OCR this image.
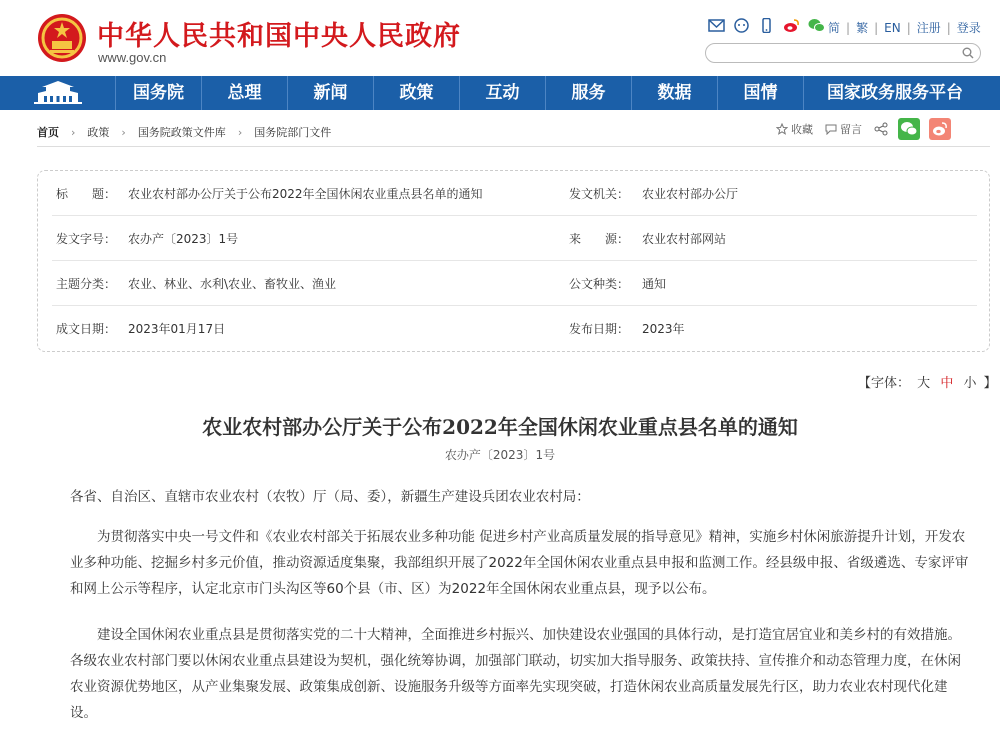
中华人民共和国中央人民政府
www.gov.cn
简 | 繁 | EN | 注册 | 登录
国务院	总理	新闻	政策	互动	服务	数据	国情	国家政务服务平台
首页 › 政策 › 国务院政策文件库 › 国务院部门文件	收藏 留言
标　　题： 农业农村部办公厅关于公布2022年全国休闲农业重点县名单的通知	发文机关：	农业农村部办公厅
发文字号： 农办产〔2023〕1号	来　　源：	农业农村部网站
主题分类： 农业、林业、水利\农业、畜牧业、渔业	公文种类：	通知
成文日期： 2023年01月17日	发布日期：	2023年
【字体： 大 中 小 】
农业农村部办公厅关于公布2022年全国休闲农业重点县名单的通知
农办产〔2023〕1号
各省、自治区、直辖市农业农村（农牧）厅（局、委），新疆生产建设兵团农业农村局：
为贯彻落实中央一号文件和《农业农村部关于拓展农业多种功能 促进乡村产业高质量发展的指导意见》精神，实施乡村休闲旅游提升计划，开发农业多种功能、挖掘乡村多元价值，推动资源适度集聚，我部组织开展了2022年全国休闲农业重点县申报和监测工作。经县级申报、省级遴选、专家评审和网上公示等程序，认定北京市门头沟区等60个县（市、区）为2022年全国休闲农业重点县，现予以公布。
建设全国休闲农业重点县是贯彻落实党的二十大精神，全面推进乡村振兴、加快建设农业强国的具体行动，是打造宜居宜业和美乡村的有效措施。各级农业农村部门要以休闲农业重点县建设为契机，强化统筹协调，加强部门联动，切实加大指导服务、政策扶持、宣传推介和动态管理力度，在休闲农业资源优势地区，从产业集聚发展、政策集成创新、设施服务升级等方面率先实现突破，打造休闲农业高质量发展先行区，助力农业农村现代化建设。
